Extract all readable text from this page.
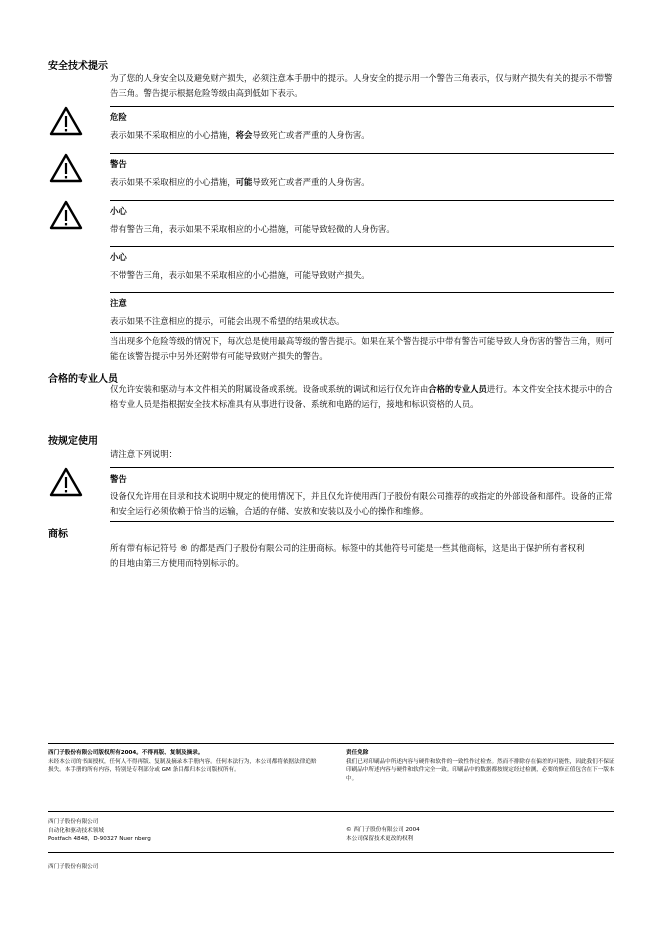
安全技术提示
为了您的人身安全以及避免财产损失，必须注意本手册中的提示。人身安全的提示用一个警告三角表示，仅与财产损失有关的提示不带警告三角。警告提示根据危险等级由高到低如下表示。
危险
表示如果不采取相应的小心措施，将会导致死亡或者严重的人身伤害。
警告
表示如果不采取相应的小心措施，可能导致死亡或者严重的人身伤害。
小心
带有警告三角，表示如果不采取相应的小心措施，可能导致轻微的人身伤害。
小心
不带警告三角，表示如果不采取相应的小心措施，可能导致财产损失。
注意
表示如果不注意相应的提示，可能会出现不希望的结果或状态。
当出现多个危险等级的情况下，每次总是使用最高等级的警告提示。如果在某个警告提示中带有警告可能导致人身伤害的警告三角，则可能在该警告提示中另外还附带有可能导致财产损失的警告。
合格的专业人员
仅允许安装和驱动与本文件相关的附属设备或系统。设备或系统的调试和运行仅允许由合格的专业人员进行。本文件安全技术提示中的合格专业人员是指根据安全技术标准具有从事进行设备、系统和电路的运行，接地和标识资格的人员。
按规定使用
请注意下列说明：
警告
设备仅允许用在目录和技术说明中规定的使用情况下，并且仅允许使用西门子股份有限公司推荐的或指定的外部设备和部件。设备的正常和安全运行必须依赖于恰当的运输，合适的存储、安放和安装以及小心的操作和维修。
商标
所有带有标记符号 ® 的都是西门子股份有限公司的注册商标。标签中的其他符号可能是一些其他商标，这是出于保护所有者权利的目地由第三方使用而特别标示的。
西门子股份有限公司版权所有2004。不得再版、复制及摘录。
未经本公司的书面授权，任何人不得再版、复制及摘录本手册内容。任何本法行为，本公司都将依据法律追赔损失。本手册的所有内容，特别是专利部分或 GM 条目都归本公司版权所有。
责任免除
我们已对印刷品中所述内容与硬件和软件的一致性作过检查。然而不排除存在偏差的可能性，因此我们不保证印刷品中所述内容与硬件和软件完全一致。印刷品中的数据都按规定经过检测，必要的修正值包含在下一版本中。
西门子股份有限公司
自动化和驱动技术领域
Postfach 4848，D-90327 Nuer nberg
© 西门子股份有限公司 2004
本公司保留技术更改的权利
西门子股份有限公司
